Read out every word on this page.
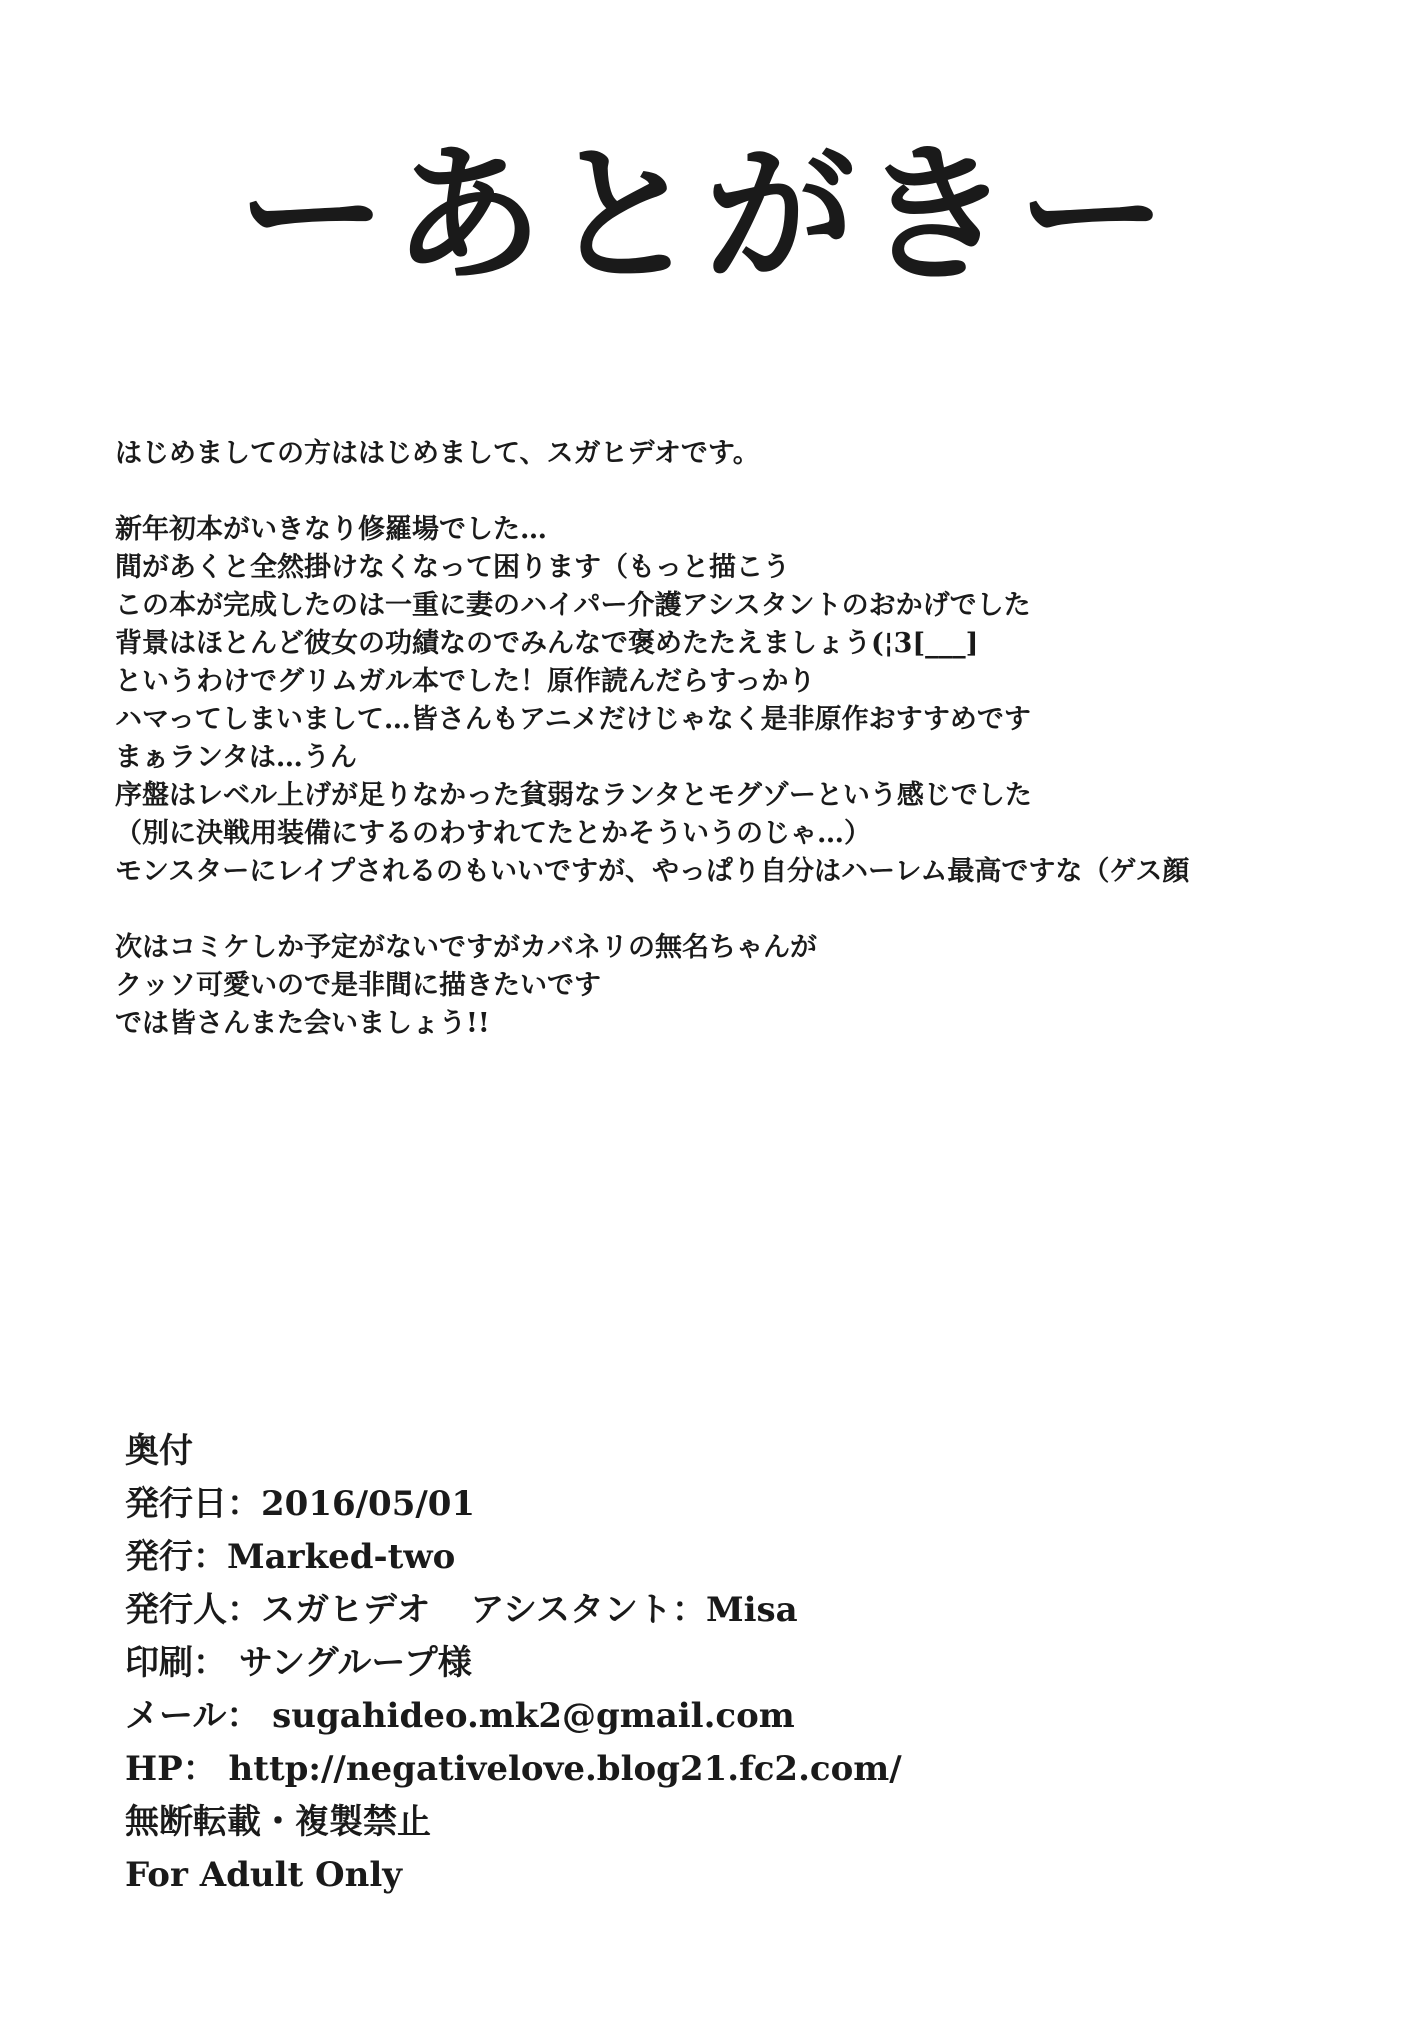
ーあとがきー
はじめましての方ははじめまして、スガヒデオです。
新年初本がいきなり修羅場でした…
間があくと全然掛けなくなって困ります（もっと描こう
この本が完成したのは一重に妻のハイパー介護アシスタントのおかげでした
背景はほとんど彼女の功績なのでみんなで褒めたたえましょう(¦3[___]
というわけでグリムガル本でした！原作読んだらすっかり
ハマってしまいまして…皆さんもアニメだけじゃなく是非原作おすすめです
まぁランタは…うん
序盤はレベル上げが足りなかった貧弱なランタとモグゾーという感じでした
（別に決戦用装備にするのわすれてたとかそういうのじゃ…）
モンスターにレイプされるのもいいですが、やっぱり自分はハーレム最高ですな（ゲス顔
次はコミケしか予定がないですがカバネリの無名ちゃんが
クッソ可愛いので是非間に描きたいです
では皆さんまた会いましょう!!
奥付
発行日：2016/05/01
発行：Marked-two
発行人：スガヒデオ アシスタント：Misa
印刷： サングループ様
メール： sugahideo.mk2@gmail.com
HP： http://negativelove.blog21.fc2.com/
無断転載・複製禁止
For Adult Only
